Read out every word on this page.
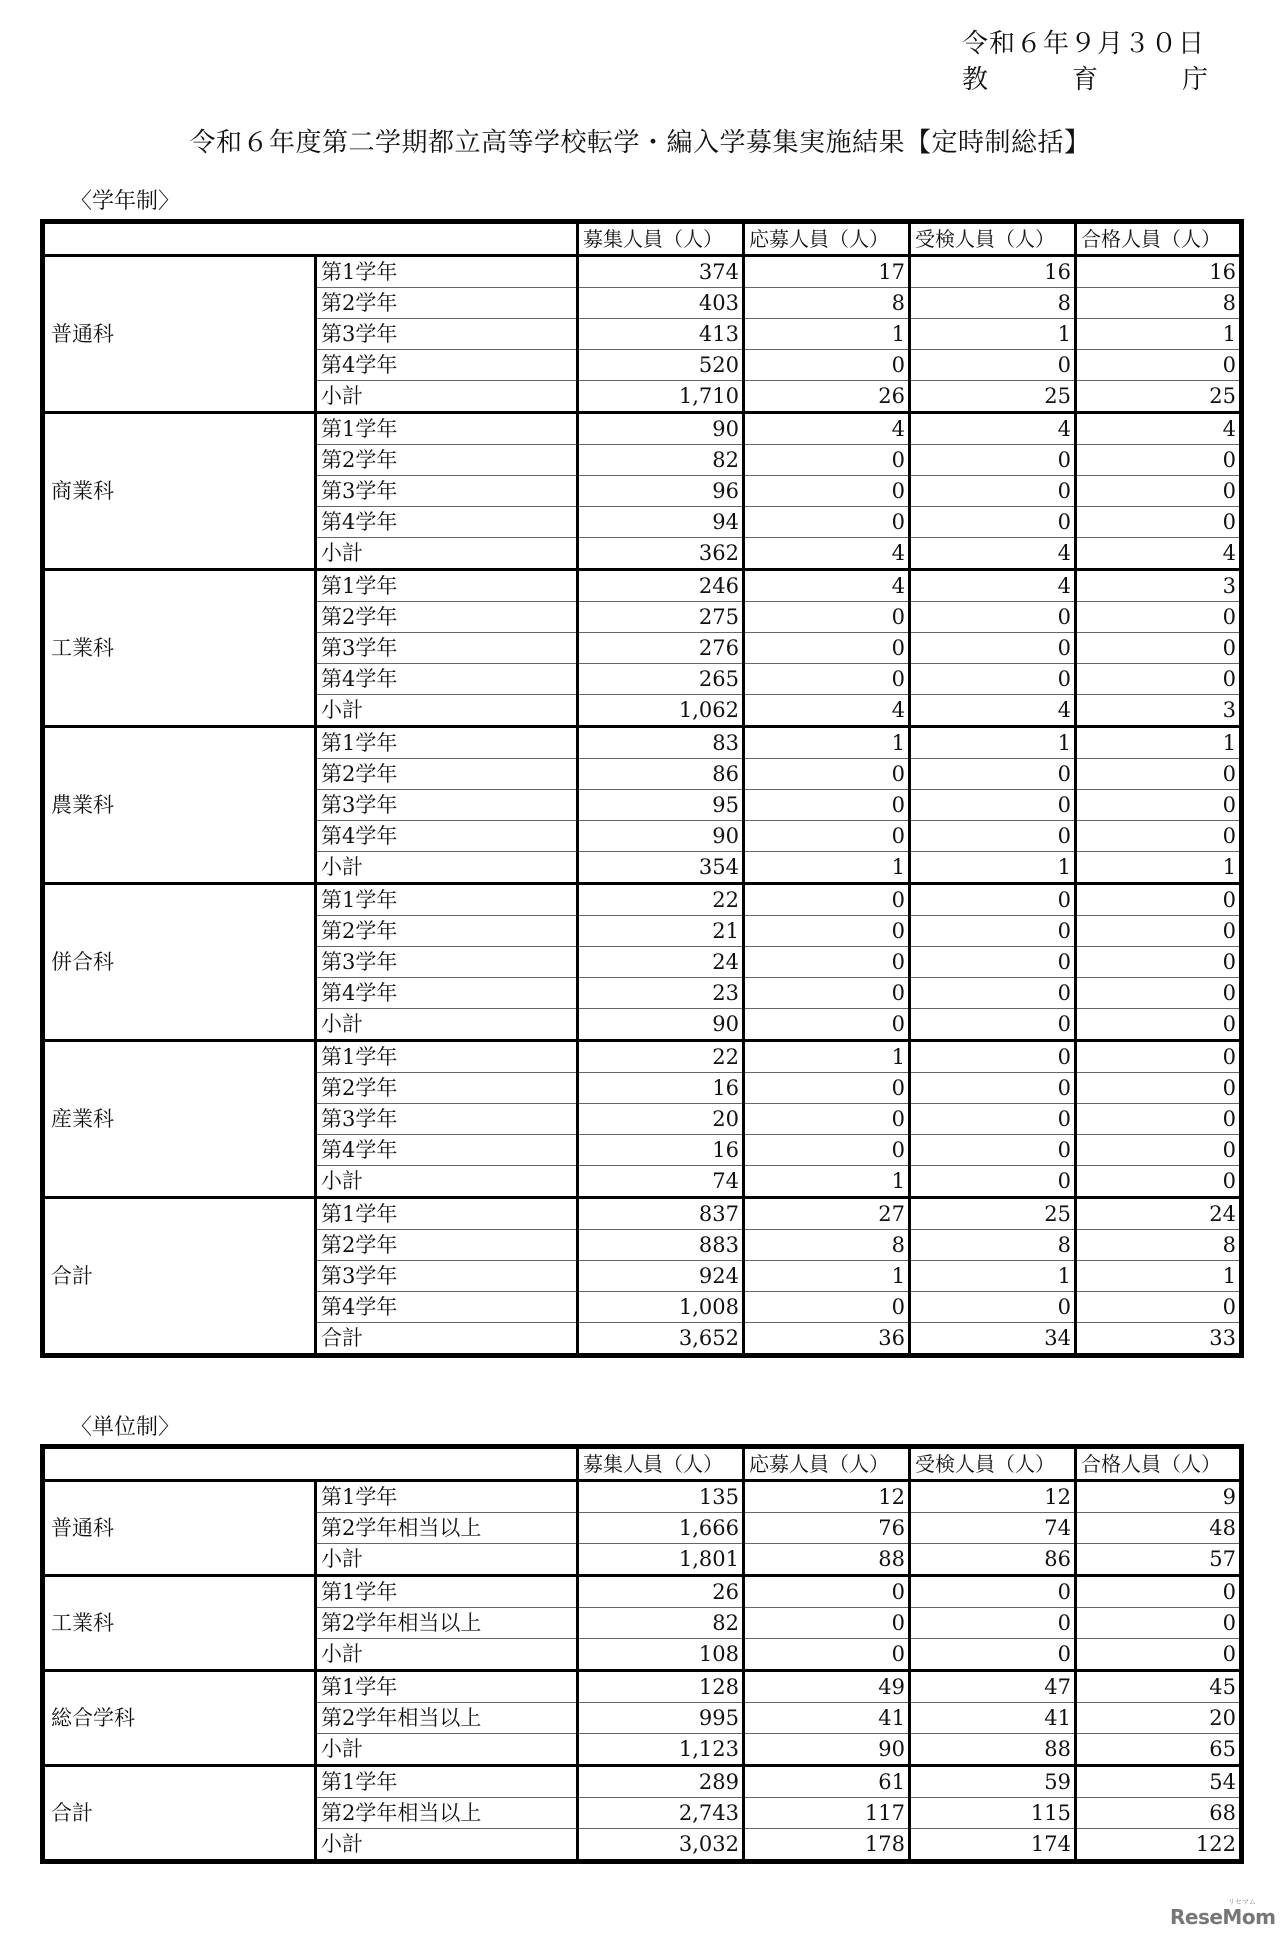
令和６年９月３０日
教	育	庁
令和６年度第二学期都立高等学校転学・編入学募集実施結果【定時制総括】
〈学年制〉
		募集人員（人）	応募人員（人）	受検人員（人）	合格人員（人）
普通科	第1学年	374	17	16	16
	第2学年	403	8	8	8
	第3学年	413	1	1	1
	第4学年	520	0	0	0
	小計	1,710	26	25	25
商業科	第1学年	90	4	4	4
	第2学年	82	0	0	0
	第3学年	96	0	0	0
	第4学年	94	0	0	0
	小計	362	4	4	4
工業科	第1学年	246	4	4	3
	第2学年	275	0	0	0
	第3学年	276	0	0	0
	第4学年	265	0	0	0
	小計	1,062	4	4	3
農業科	第1学年	83	1	1	1
	第2学年	86	0	0	0
	第3学年	95	0	0	0
	第4学年	90	0	0	0
	小計	354	1	1	1
併合科	第1学年	22	0	0	0
	第2学年	21	0	0	0
	第3学年	24	0	0	0
	第4学年	23	0	0	0
	小計	90	0	0	0
産業科	第1学年	22	1	0	0
	第2学年	16	0	0	0
	第3学年	20	0	0	0
	第4学年	16	0	0	0
	小計	74	1	0	0
合計	第1学年	837	27	25	24
	第2学年	883	8	8	8
	第3学年	924	1	1	1
	第4学年	1,008	0	0	0
	合計	3,652	36	34	33
〈単位制〉
		募集人員（人）	応募人員（人）	受検人員（人）	合格人員（人）
普通科	第1学年	135	12	12	9
	第2学年相当以上	1,666	76	74	48
	小計	1,801	88	86	57
工業科	第1学年	26	0	0	0
	第2学年相当以上	82	0	0	0
	小計	108	0	0	0
総合学科	第1学年	128	49	47	45
	第2学年相当以上	995	41	41	20
	小計	1,123	90	88	65
合計	第1学年	289	61	59	54
	第2学年相当以上	2,743	117	115	68
	小計	3,032	178	174	122
リセマム
ReseMom
